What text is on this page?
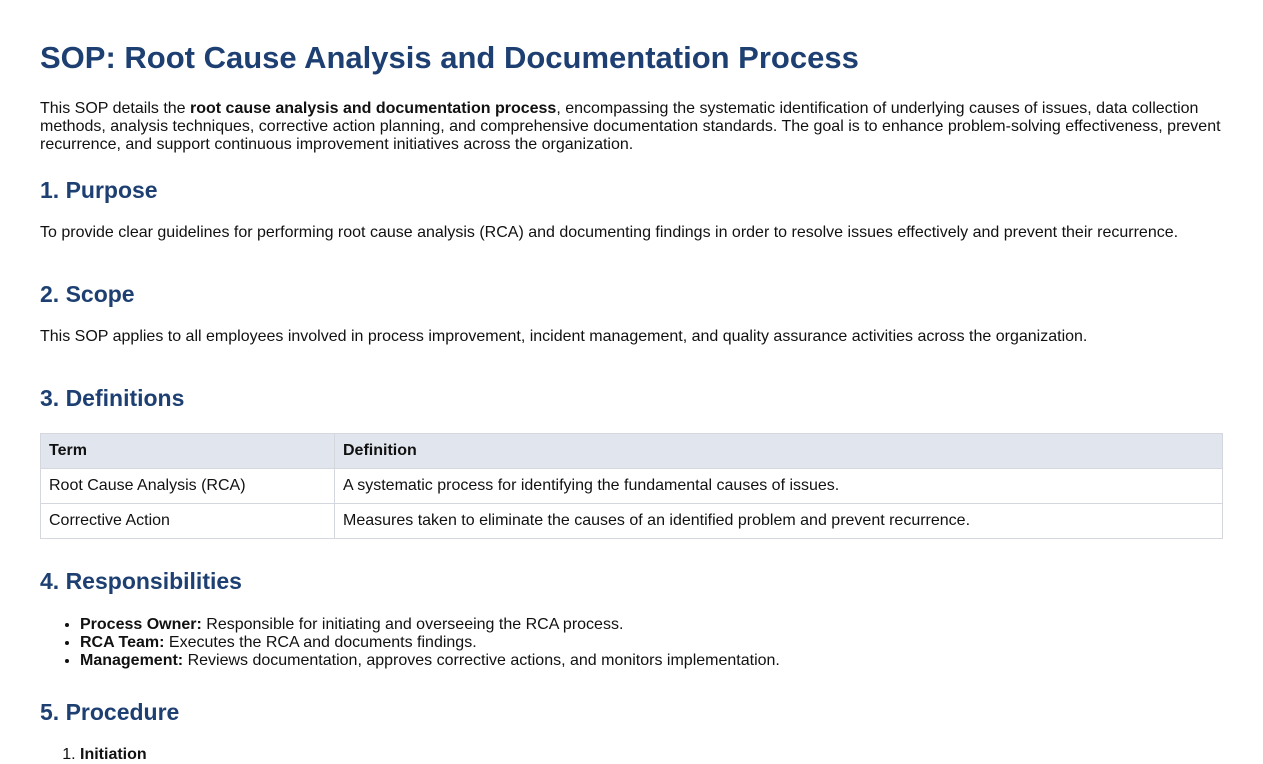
SOP: Root Cause Analysis and Documentation Process

This SOP details the root cause analysis and documentation process, encompassing the systematic identification of underlying causes of issues, data collection methods, analysis techniques, corrective action planning, and comprehensive documentation standards. The goal is to enhance problem-solving effectiveness, prevent recurrence, and support continuous improvement initiatives across the organization.

1. Purpose

To provide clear guidelines for performing root cause analysis (RCA) and documenting findings in order to resolve issues effectively and prevent their recurrence.

2. Scope

This SOP applies to all employees involved in process improvement, incident management, and quality assurance activities across the organization.

3. Definitions
Term	Definition
Root Cause Analysis (RCA)	A systematic process for identifying the fundamental causes of issues.
Corrective Action	Measures taken to eliminate the causes of an identified problem and prevent recurrence.
4. Responsibilities
• Process Owner: Responsible for initiating and overseeing the RCA process.
• RCA Team: Executes the RCA and documents findings.
• Management: Reviews documentation, approves corrective actions, and monitors implementation.
5. Procedure
1. Initiation
